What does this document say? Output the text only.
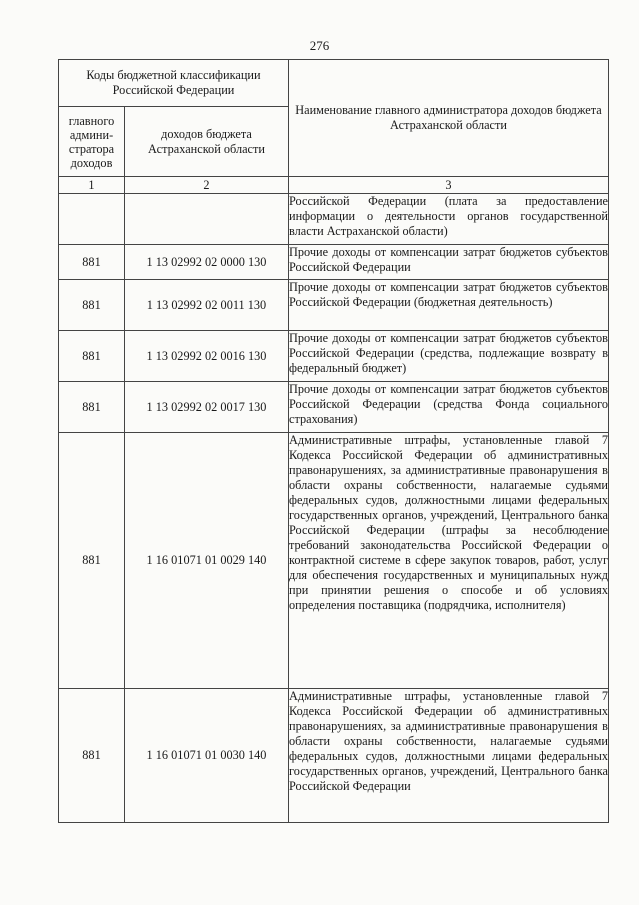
276
Коды бюджетной классификации Российской Федерации		Наименование главного администратора доходов бюджета Астраханской области
главного админи-стратора доходов	доходов бюджета Астраханской области	
1	2	3
		Российской Федерации (плата за предоставление информации о деятельности органов государственной власти Астраханской области)
881	1 13 02992 02 0000 130	Прочие доходы от компенсации затрат бюджетов субъектов Российской Федерации
881	1 13 02992 02 0011 130	Прочие доходы от компенсации затрат бюджетов субъектов Российской Федерации (бюджетная деятельность)
881	1 13 02992 02 0016 130	Прочие доходы от компенсации затрат бюджетов субъектов Российской Федерации (средства, подлежащие возврату в федеральный бюджет)
881	1 13 02992 02 0017 130	Прочие доходы от компенсации затрат бюджетов субъектов Российской Федерации (средства Фонда социального страхования)
881	1 16 01071 01 0029 140	Административные штрафы, установленные главой 7 Кодекса Российской Федерации об административных правонарушениях, за административные правонарушения в области охраны собственности, налагаемые судьями федеральных судов, должностными лицами федеральных государственных органов, учреждений, Центрального банка Российской Федерации (штрафы за несоблюдение требований законодательства Российской Федерации о контрактной системе в сфере закупок товаров, работ, услуг для обеспечения государственных и муниципальных нужд при принятии решения о способе и об условиях определения поставщика (подрядчика, исполнителя)
881	1 16 01071 01 0030 140	Административные штрафы, установленные главой 7 Кодекса Российской Федерации об административных правонарушениях, за административные правонарушения в области охраны собственности, налагаемые судьями федеральных судов, должностными лицами федеральных государственных органов, учреждений, Центрального банка Российской Федерации
